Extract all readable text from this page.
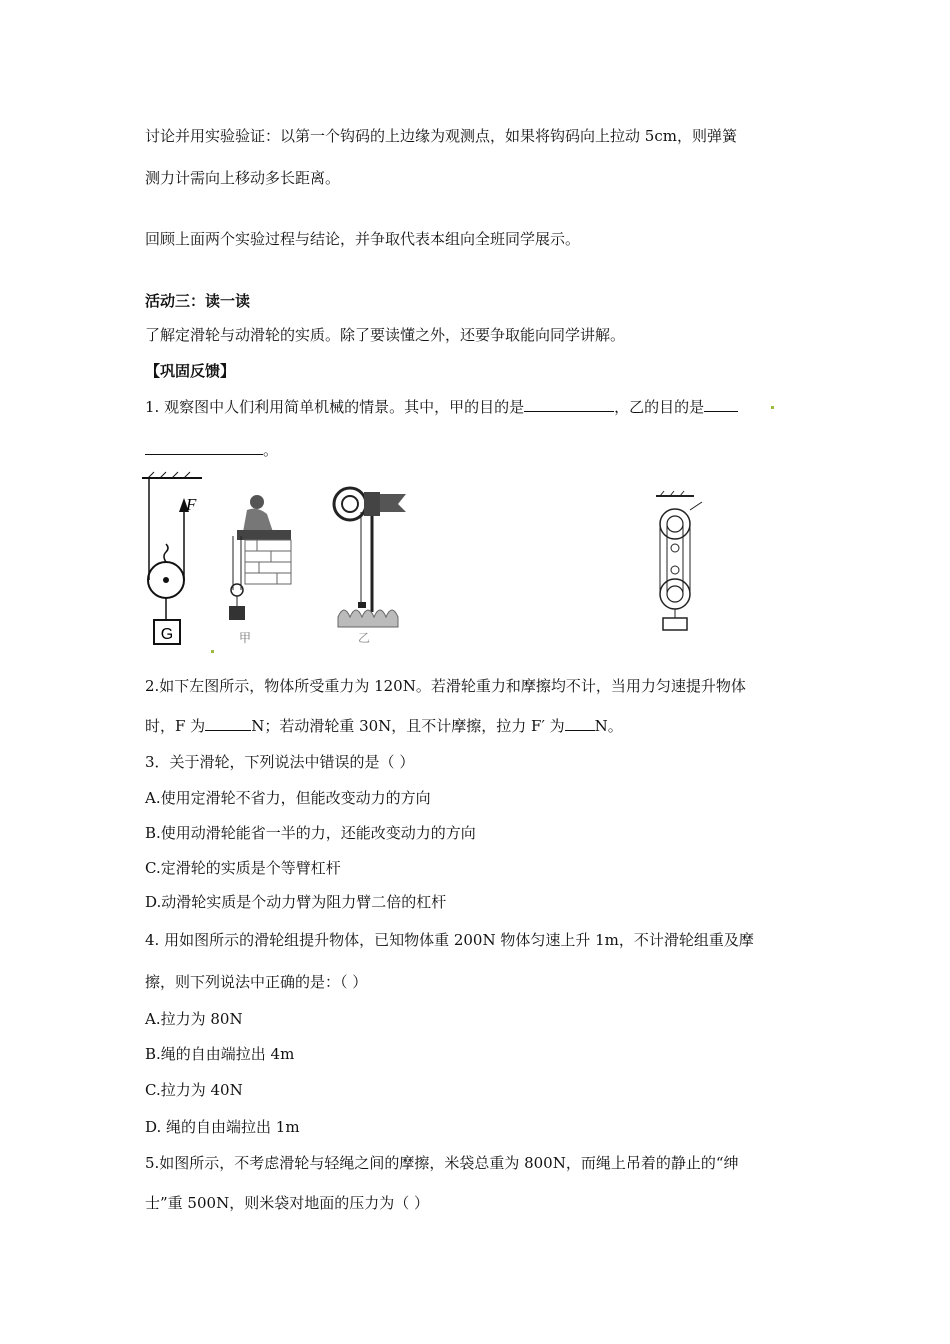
讨论并用实验验证：以第一个钩码的上边缘为观测点，如果将钩码向上拉动 5cm，则弹簧
测力计需向上移动多长距离。
回顾上面两个实验过程与结论，并争取代表本组向全班同学展示。
活动三：读一读
了解定滑轮与动滑轮的实质。除了要读懂之外，还要争取能向同学讲解。
【巩固反馈】
1. 观察图中人们利用简单机械的情景。其中，甲的目的是	，乙的目的是
。
F
G	甲	乙
2.如下左图所示，物体所受重力为 120N。若滑轮重力和摩擦均不计，当用力匀速提升物体
时，F 为	N；若动滑轮重 30N，且不计摩擦，拉力 F′ 为 N。
3．关于滑轮，下列说法中错误的是（ ）
A.使用定滑轮不省力，但能改变动力的方向
B.使用动滑轮能省一半的力，还能改变动力的方向
C.定滑轮的实质是个等臂杠杆
D.动滑轮实质是个动力臂为阻力臂二倍的杠杆
4. 用如图所示的滑轮组提升物体，已知物体重 200N 物体匀速上升 1m，不计滑轮组重及摩
擦，则下列说法中正确的是：（ ）
A.拉力为 80N
B.绳的自由端拉出 4m
C.拉力为 40N
D. 绳的自由端拉出 1m
5.如图所示，不考虑滑轮与轻绳之间的摩擦，米袋总重为 800N，而绳上吊着的静止的“绅
士”重 500N，则米袋对地面的压力为（ ）
